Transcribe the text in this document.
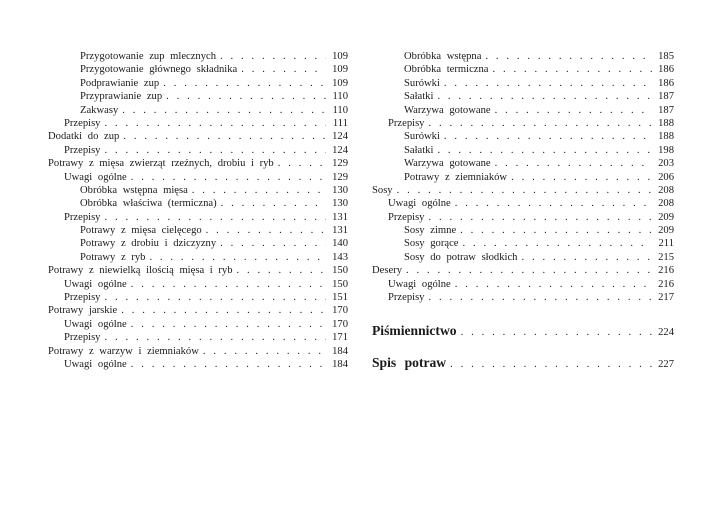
Przygotowanie zup mlecznych . . .	109
Przygotowanie głównego składnika . . .	109
Podprawianie zup . . .	109
Przyprawianie zup . . .	110
Zakwasy . . .	110
Przepisy . . .	111
Dodatki do zup . . .	124
Przepisy . . .	124
Potrawy z mięsa zwierząt rzeźnych, drobiu i ryb . . .	129
Uwagi ogólne . . .	129
Obróbka wstępna mięsa . . .	130
Obróbka właściwa (termiczna) . . .	130
Przepisy . . .	131
Potrawy z mięsa cielęcego . . .	131
Potrawy z drobiu i dziczyzny . . .	140
Potrawy z ryb . . .	143
Potrawy z niewielką ilością mięsa i ryb . . .	150
Uwagi ogólne . . .	150
Przepisy . . .	151
Potrawy jarskie . . .	170
Uwagi ogólne . . .	170
Przepisy . . .	171
Potrawy z warzyw i ziemniaków . . .	184
Uwagi ogólne . . .	184
Obróbka wstępna . . .	185
Obróbka termiczna . . .	186
Surówki . . .	186
Sałatki . . .	187
Warzywa gotowane . . .	187
Przepisy . . .	188
Surówki . . .	188
Sałatki . . .	198
Warzywa gotowane . . .	203
Potrawy z ziemniaków . . .	206
Sosy . . .	208
Uwagi ogólne . . .	208
Przepisy . . .	209
Sosy zimne . . .	209
Sosy gorące . . .	211
Sosy do potraw słodkich . . .	215
Desery . . .	216
Uwagi ogólne . . .	216
Przepisy . . .	217
Piśmiennictwo . . .	224
Spis potraw . . .	227
